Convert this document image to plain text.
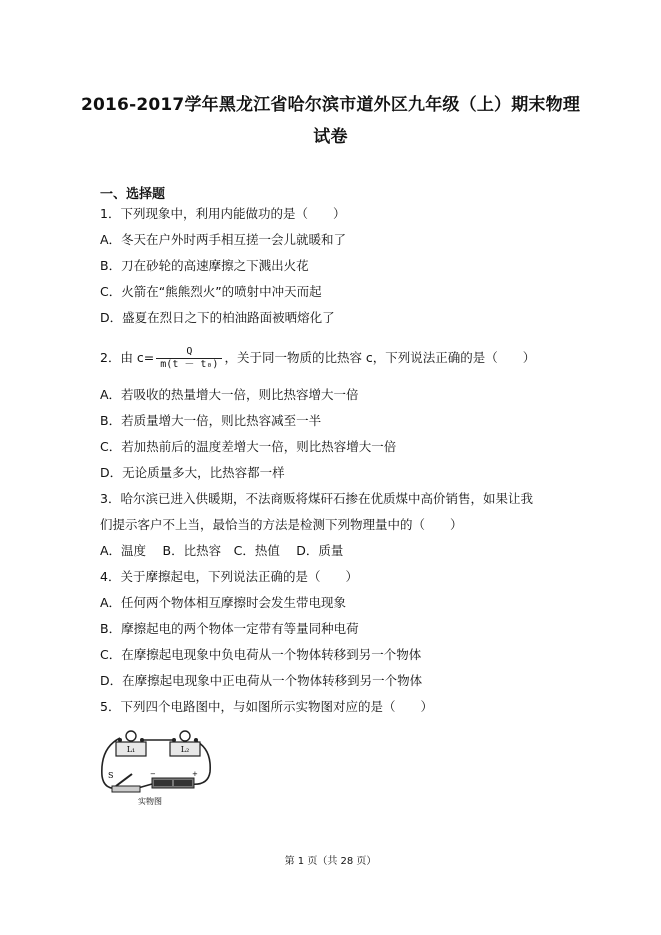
2016-2017学年黑龙江省哈尔滨市道外区九年级（上）期末物理
试卷
一、选择题
1．下列现象中，利用内能做功的是（　　）
A．冬天在户外时两手相互搓一会儿就暖和了
B．刀在砂轮的高速摩擦之下溅出火花
C．火箭在“熊熊烈火”的喷射中冲天而起
D．盛夏在烈日之下的柏油路面被晒熔化了
2．由 $c= \frac{Q}{\text{m(t － t₀)}}$ ，关于同一物质的比热容 c，下列说法正确的是（　　）
A．若吸收的热量增大一倍，则比热容增大一倍
B．若质量增大一倍，则比热容减至一半
C．若加热前后的温度差增大一倍，则比热容增大一倍
D．无论质量多大，比热容都一样
3．哈尔滨已进入供暖期，不法商贩将煤矸石掺在优质煤中高价销售，如果让我
们提示客户不上当，最恰当的方法是检测下列物理量中的（　　）
A．温度　 B．比热容　C．热值　 D．质量
4．关于摩擦起电，下列说法正确的是（　　）
A．任何两个物体相互摩擦时会发生带电现象
B．摩擦起电的两个物体一定带有等量同种电荷
C．在摩擦起电现象中负电荷从一个物体转移到另一个物体
D．在摩擦起电现象中正电荷从一个物体转移到另一个物体
5．下列四个电路图中，与如图所示实物图对应的是（　　）
L₁	L₂
S	−	+
实物图
第 1 页（共 28 页）
